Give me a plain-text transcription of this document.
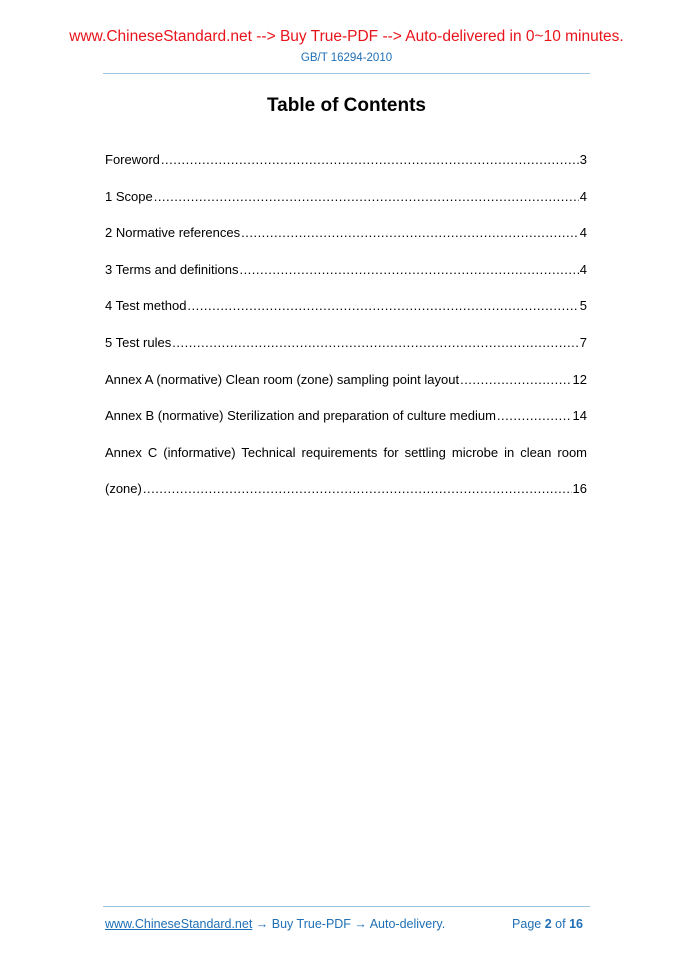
www.ChineseStandard.net --> Buy True-PDF --> Auto-delivered in 0~10 minutes.
GB/T 16294-2010
Table of Contents
Foreword .....	3
1 Scope .....	4
2 Normative references .....	4
3 Terms and definitions .....	4
4 Test method .....	5
5 Test rules .....	7
Annex A (normative) Clean room (zone) sampling point layout .....	12
Annex B (normative) Sterilization and preparation of culture medium .....	14
Annex C (informative) Technical requirements for settling microbe in clean room
(zone) .....	16
www.ChineseStandard.net → Buy True-PDF → Auto-delivery.	Page 2 of 16
